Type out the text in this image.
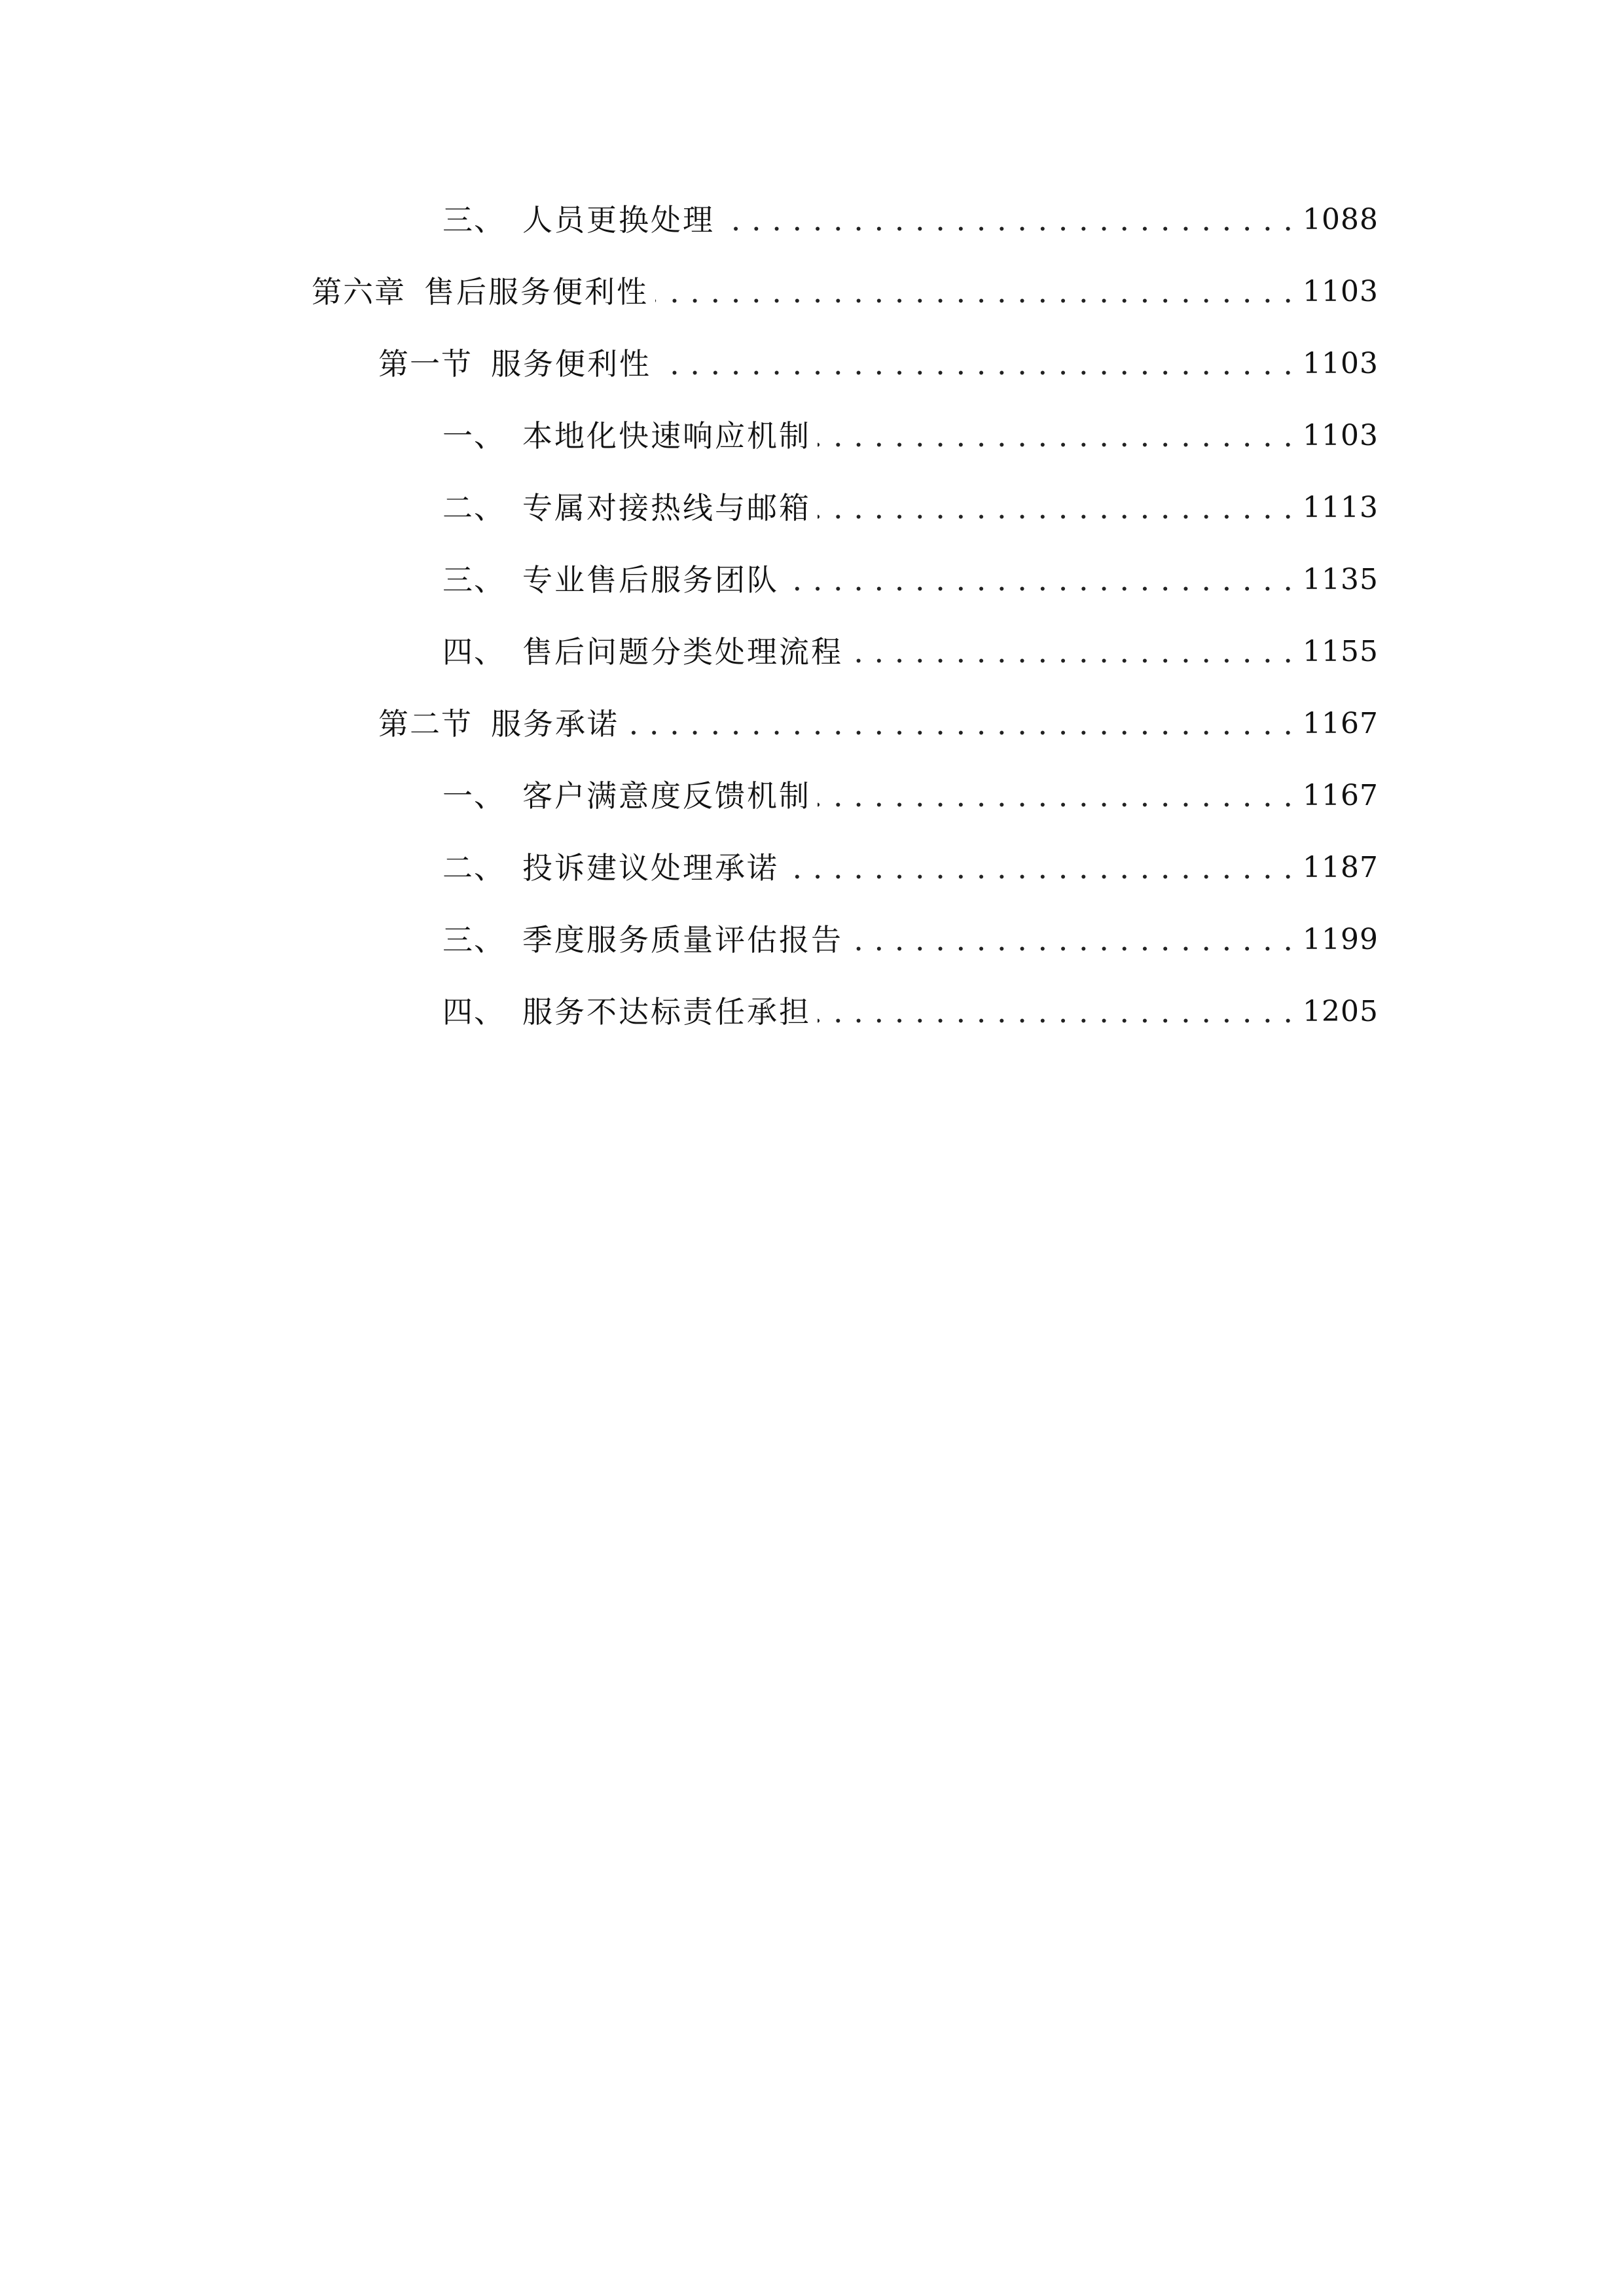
三、 人员更换处理 . . .	1088
第六章 售后服务便利性 . . .	1103
第一节 服务便利性 . . .	1103
一、 本地化快速响应机制 . . .	1103
二、 专属对接热线与邮箱 . . .	1113
三、 专业售后服务团队 . . .	1135
四、 售后问题分类处理流程 . . .	1155
第二节 服务承诺 . . .	1167
一、 客户满意度反馈机制 . . .	1167
二、 投诉建议处理承诺 . . .	1187
三、 季度服务质量评估报告 . . .	1199
四、 服务不达标责任承担 . . .	1205
